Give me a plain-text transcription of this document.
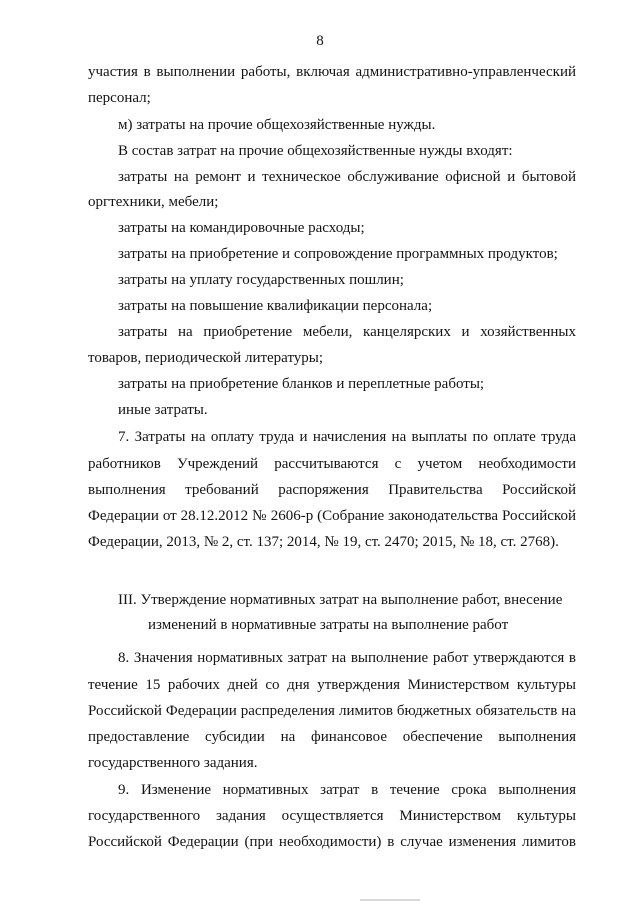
8
участия в выполнении работы, включая административно-управленческий
персонал;
м) затраты на прочие общехозяйственные нужды.
В состав затрат на прочие общехозяйственные нужды входят:
затраты на ремонт и техническое обслуживание офисной и бытовой
оргтехники, мебели;
затраты на командировочные расходы;
затраты на приобретение и сопровождение программных продуктов;
затраты на уплату государственных пошлин;
затраты на повышение квалификации персонала;
затраты на приобретение мебели, канцелярских и хозяйственных
товаров, периодической литературы;
затраты на приобретение бланков и переплетные работы;
иные затраты.
7. Затраты на оплату труда и начисления на выплаты по оплате труда
работников Учреждений рассчитываются с учетом необходимости
выполнения требований распоряжения Правительства Российской
Федерации от 28.12.2012 № 2606-р (Собрание законодательства Российской
Федерации, 2013, № 2, ст. 137; 2014, № 19, ст. 2470; 2015, № 18, ст. 2768).
III. Утверждение нормативных затрат на выполнение работ, внесение
изменений в нормативные затраты на выполнение работ
8. Значения нормативных затрат на выполнение работ утверждаются в
течение 15 рабочих дней со дня утверждения Министерством культуры
Российской Федерации распределения лимитов бюджетных обязательств на
предоставление субсидии на финансовое обеспечение выполнения
государственного задания.
9. Изменение нормативных затрат в течение срока выполнения
государственного задания осуществляется Министерством культуры
Российской Федерации (при необходимости) в случае изменения лимитов
